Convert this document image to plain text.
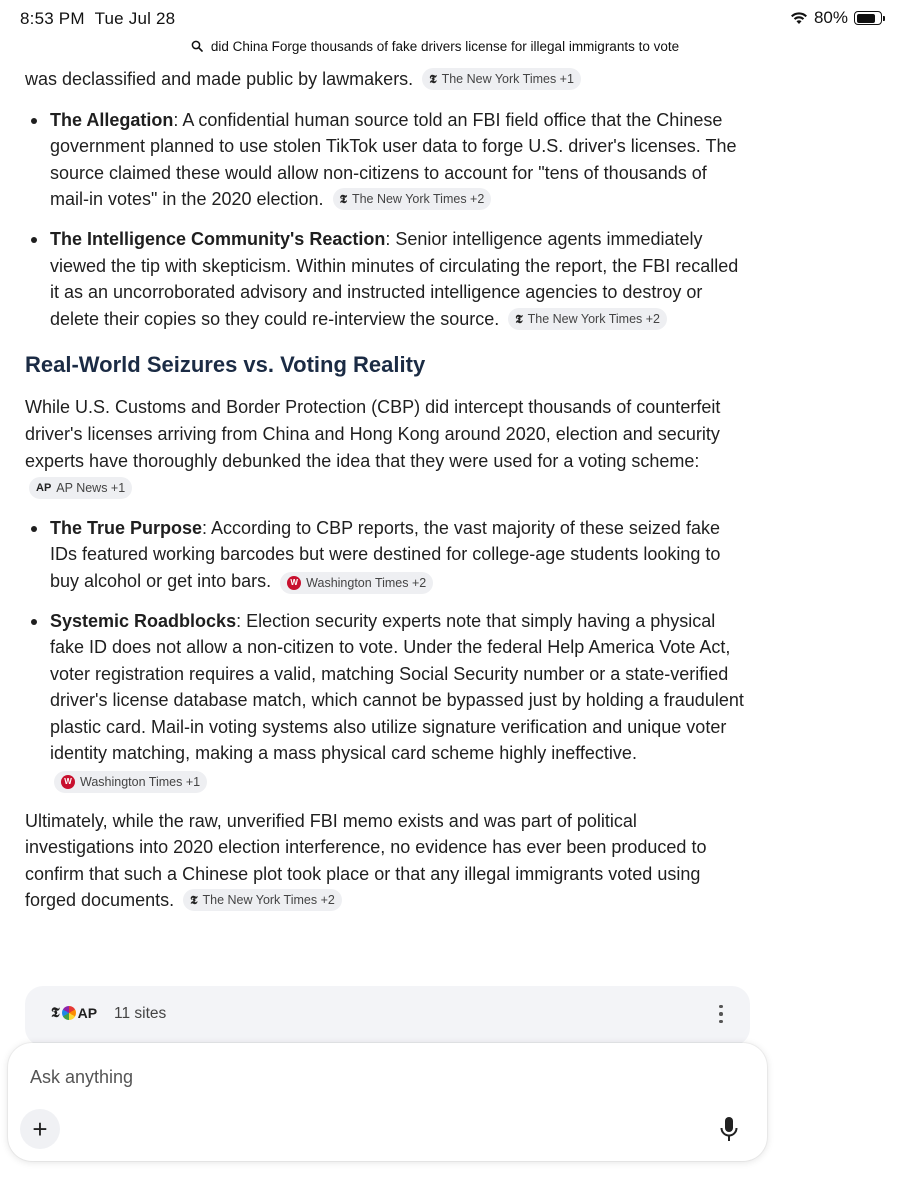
8:53 PM Tue Jul 28	80%
did China Forge thousands of fake drivers license for illegal immigrants to vote

was declassified and made public by lawmakers. 𝕿 The New York Times +1

The Allegation: A confidential human source told an FBI field office that the Chinese government planned to use stolen TikTok user data to forge U.S. driver's licenses. The source claimed these would allow non-citizens to account for "tens of thousands of mail-in votes" in the 2020 election. 𝕿 The New York Times +2
The Intelligence Community's Reaction: Senior intelligence agents immediately viewed the tip with skepticism. Within minutes of circulating the report, the FBI recalled it as an uncorroborated advisory and instructed intelligence agencies to destroy or delete their copies so they could re-interview the source. 𝕿 The New York Times +2
Real-World Seizures vs. Voting Reality

While U.S. Customs and Border Protection (CBP) did intercept thousands of counterfeit driver's licenses arriving from China and Hong Kong around 2020, election and security experts have thoroughly debunked the idea that they were used for a voting scheme:
AP AP News +1

The True Purpose: According to CBP reports, the vast majority of these seized fake IDs featured working barcodes but were destined for college-age students looking to buy alcohol or get into bars.	W Washington Times +2
Systemic Roadblocks: Election security experts note that simply having a physical fake ID does not allow a non-citizen to vote. Under the federal Help America Vote Act, voter registration requires a valid, matching Social Security number or a state-verified driver's license database match, which cannot be bypassed just by holding a fraudulent plastic card. Mail-in voting systems also utilize signature verification and unique voter identity matching, making a mass physical card scheme highly ineffective.
W Washington Times +1

Ultimately, while the raw, unverified FBI memo exists and was part of political investigations into 2020 election interference, no evidence has ever been produced to confirm that such a Chinese plot took place or that any illegal immigrants voted using forged documents. 𝕿 The New York Times +2

𝕿 AP 11 sites
Ask anything
+
